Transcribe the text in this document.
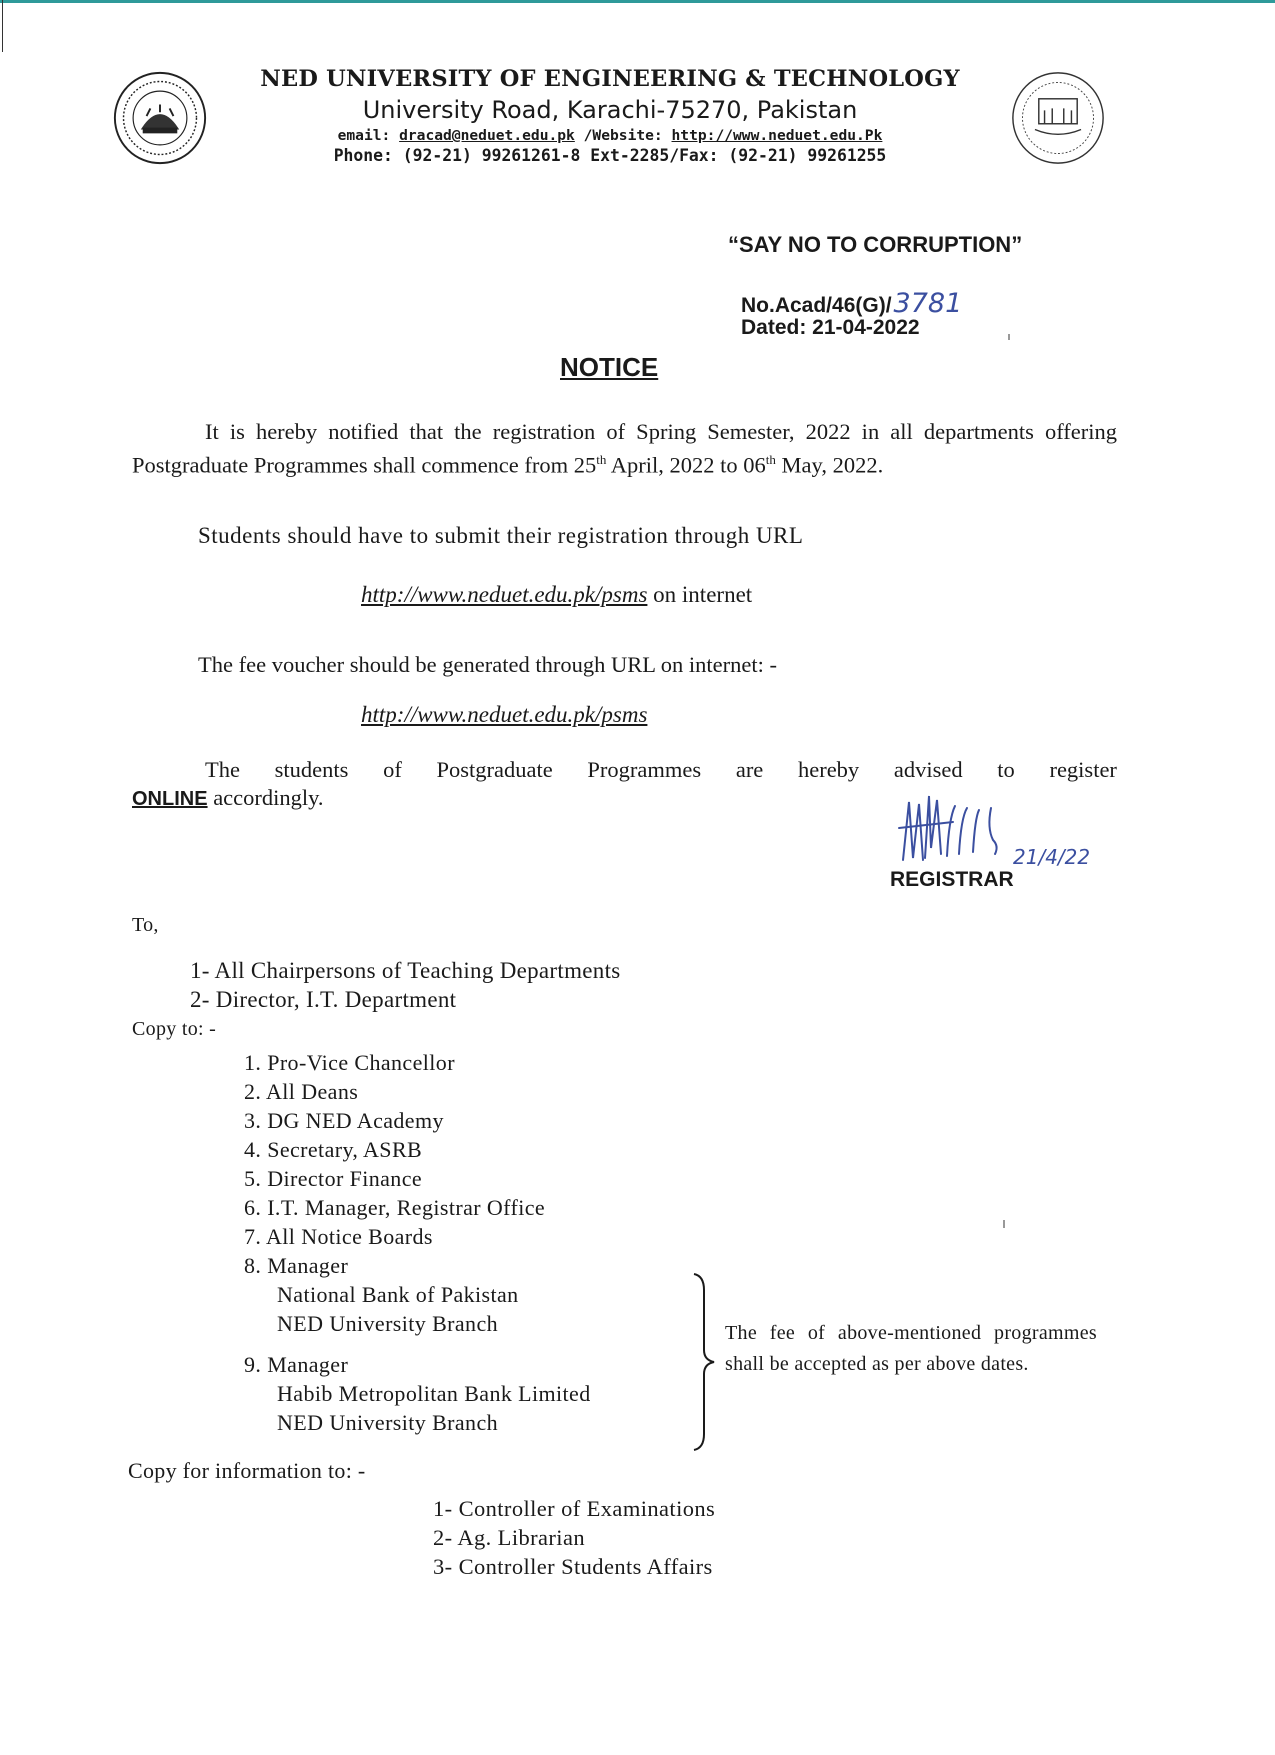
NED UNIVERSITY OF ENGINEERING & TECHNOLOGY
University Road, Karachi-75270, Pakistan
email: dracad@neduet.edu.pk /Website: http://www.neduet.edu.Pk
Phone: (92-21) 99261261-8 Ext-2285/Fax: (92-21) 99261255
“SAY NO TO CORRUPTION”
No.Acad/46(G)/3781
Dated: 21-04-2022
NOTICE
It is hereby notified that the registration of Spring Semester, 2022 in all departments offering Postgraduate Programmes shall commence from 25th April, 2022 to 06th May, 2022.
Students should have to submit their registration through URL
http://www.neduet.edu.pk/psms on internet
The fee voucher should be generated through URL on internet: -
http://www.neduet.edu.pk/psms
The students of Postgraduate Programmes are hereby advised to register
ONLINE accordingly.
21/4/22
REGISTRAR
To,
1- All Chairpersons of Teaching Departments
2- Director, I.T. Department
Copy to: -
1. Pro-Vice Chancellor
2. All Deans
3. DG NED Academy
4. Secretary, ASRB
5. Director Finance
6. I.T. Manager, Registrar Office
7. All Notice Boards
8. Manager
National Bank of Pakistan
NED University Branch
9. Manager
Habib Metropolitan Bank Limited
NED University Branch
The fee of above-mentioned programmes shall be accepted as per above dates.
Copy for information to: -
1- Controller of Examinations
2- Ag. Librarian
3- Controller Students Affairs
